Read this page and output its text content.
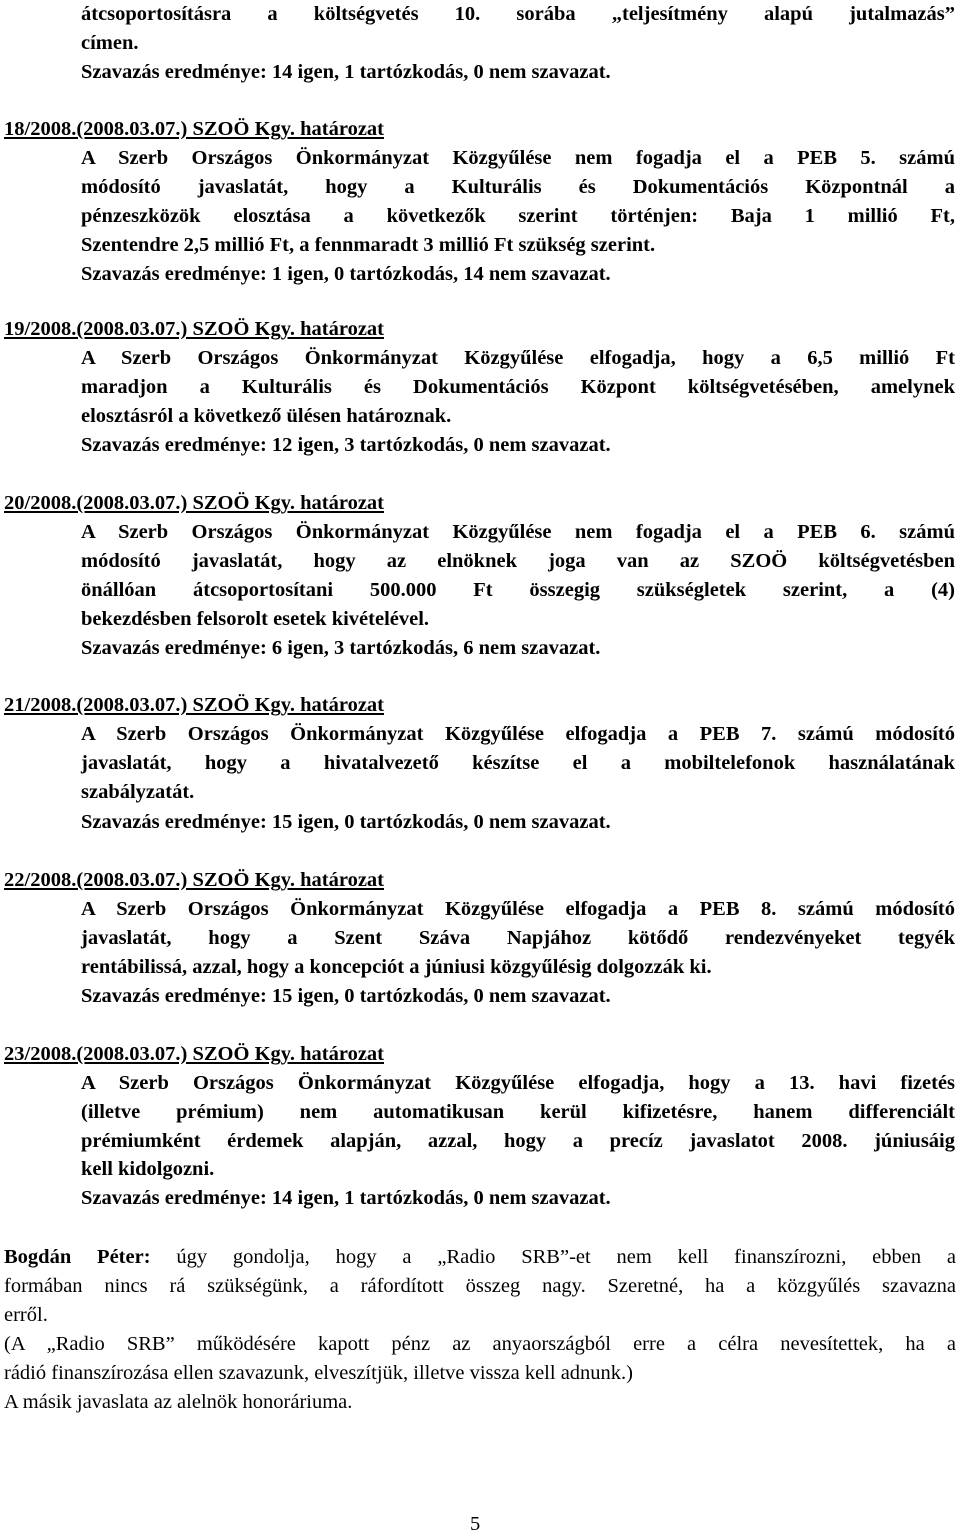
átcsoportosításra a költségvetés 10. sorába „teljesítmény alapú jutalmazás”
címen.
Szavazás eredménye: 14 igen, 1 tartózkodás, 0 nem szavazat.
18/2008.(2008.03.07.) SZOÖ Kgy. határozat
A Szerb Országos Önkormányzat Közgyűlése nem fogadja el a PEB 5. számú
módosító javaslatát, hogy a Kulturális és Dokumentációs Központnál a
pénzeszközök elosztása a következők szerint történjen: Baja 1 millió Ft,
Szentendre 2,5 millió Ft, a fennmaradt 3 millió Ft szükség szerint.
Szavazás eredménye: 1 igen, 0 tartózkodás, 14 nem szavazat.
19/2008.(2008.03.07.) SZOÖ Kgy. határozat
A Szerb Országos Önkormányzat Közgyűlése elfogadja, hogy a 6,5 millió Ft
maradjon a Kulturális és Dokumentációs Központ költségvetésében, amelynek
elosztásról a következő ülésen határoznak.
Szavazás eredménye: 12 igen, 3 tartózkodás, 0 nem szavazat.
20/2008.(2008.03.07.) SZOÖ Kgy. határozat
A Szerb Országos Önkormányzat Közgyűlése nem fogadja el a PEB 6. számú
módosító javaslatát, hogy az elnöknek joga van az SZOÖ költségvetésben
önállóan átcsoportosítani 500.000 Ft összegig szükségletek szerint, a (4)
bekezdésben felsorolt esetek kivételével.
Szavazás eredménye: 6 igen, 3 tartózkodás, 6 nem szavazat.
21/2008.(2008.03.07.) SZOÖ Kgy. határozat
A Szerb Országos Önkormányzat Közgyűlése elfogadja a PEB 7. számú módosító
javaslatát, hogy a hivatalvezető készítse el a mobiltelefonok használatának
szabályzatát.
Szavazás eredménye: 15 igen, 0 tartózkodás, 0 nem szavazat.
22/2008.(2008.03.07.) SZOÖ Kgy. határozat
A Szerb Országos Önkormányzat Közgyűlése elfogadja a PEB 8. számú módosító
javaslatát, hogy a Szent Száva Napjához kötődő rendezvényeket tegyék
rentábilissá, azzal, hogy a koncepciót a júniusi közgyűlésig dolgozzák ki.
Szavazás eredménye: 15 igen, 0 tartózkodás, 0 nem szavazat.
23/2008.(2008.03.07.) SZOÖ Kgy. határozat
A Szerb Országos Önkormányzat Közgyűlése elfogadja, hogy a 13. havi fizetés
(illetve prémium) nem automatikusan kerül kifizetésre, hanem differenciált
prémiumként érdemek alapján, azzal, hogy a precíz javaslatot 2008. júniusáig
kell kidolgozni.
Szavazás eredménye: 14 igen, 1 tartózkodás, 0 nem szavazat.
Bogdán Péter: úgy gondolja, hogy a „Radio SRB”-et nem kell finanszírozni, ebben a
formában nincs rá szükségünk, a ráfordított összeg nagy. Szeretné, ha a közgyűlés szavazna
erről.
(A „Radio SRB” működésére kapott pénz az anyaországból erre a célra nevesítettek, ha a
rádió finanszírozása ellen szavazunk, elveszítjük, illetve vissza kell adnunk.)
A másik javaslata az alelnök honoráriuma.
5
